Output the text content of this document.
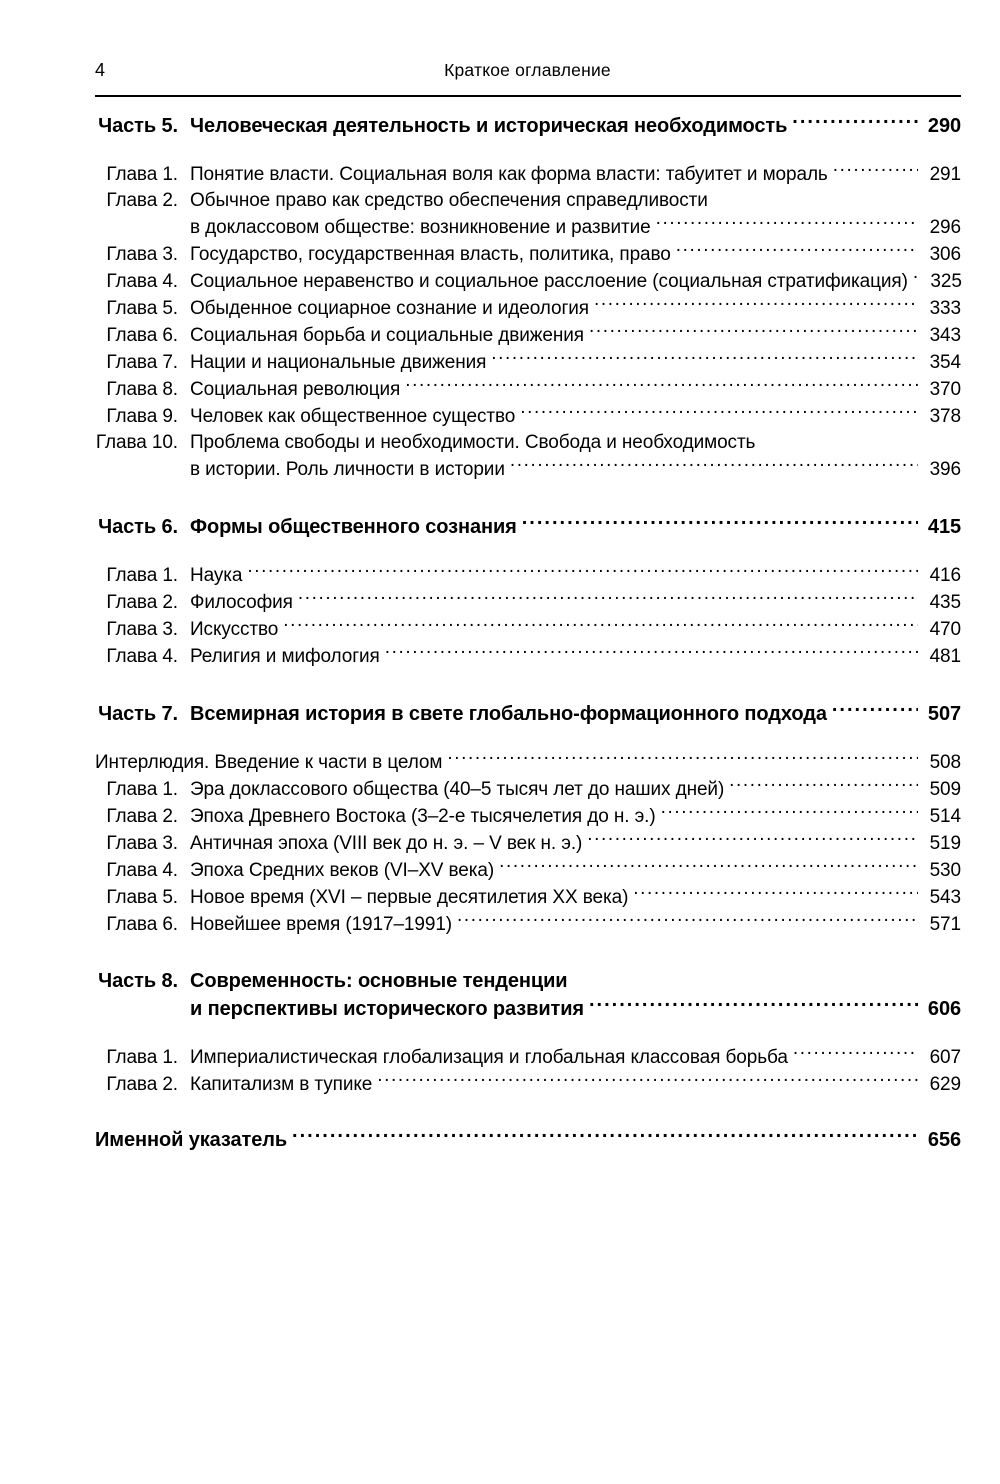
4	Краткое оглавление
Часть 5. Человеческая деятельность и историческая необходимость .....	290
Глава 1. Понятие власти. Социальная воля как форма власти: табуитет и мораль .....	291
Глава 2. Обычное право как средство обеспечения справедливости
в доклассовом обществе: возникновение и развитие .....	296
Глава 3. Государство, государственная власть, политика, право .....	306
Глава 4. Социальное неравенство и социальное расслоение (социальная стратификация) .....	325
Глава 5. Обыденное социарное сознание и идеология .....	333
Глава 6. Социальная борьба и социальные движения .....	343
Глава 7. Нации и национальные движения .....	354
Глава 8. Социальная революция .....	370
Глава 9. Человек как общественное существо .....	378
Глава 10. Проблема свободы и необходимости. Свобода и необходимость
в истории. Роль личности в истории .....	396
Часть 6. Формы общественного сознания .....	415
Глава 1. Наука .....	416
Глава 2. Философия .....	435
Глава 3. Искусство .....	470
Глава 4. Религия и мифология .....	481
Часть 7. Всемирная история в свете глобально-формационного подхода .....	507
Интерлюдия. Введение к части в целом .....	508
Глава 1. Эра доклассового общества (40–5 тысяч лет до наших дней) .....	509
Глава 2. Эпоха Древнего Востока (3–2-е тысячелетия до н. э.) .....	514
Глава 3. Античная эпоха (VIII век до н. э. – V век н. э.) .....	519
Глава 4. Эпоха Средних веков (VI–XV века) .....	530
Глава 5. Новое время (XVI – первые десятилетия XX века) .....	543
Глава 6. Новейшее время (1917–1991) .....	571
Часть 8. Современность: основные тенденции
и перспективы исторического развития .....	606
Глава 1. Империалистическая глобализация и глобальная классовая борьба .....	607
Глава 2. Капитализм в тупике .....	629
Именной указатель .....	656
